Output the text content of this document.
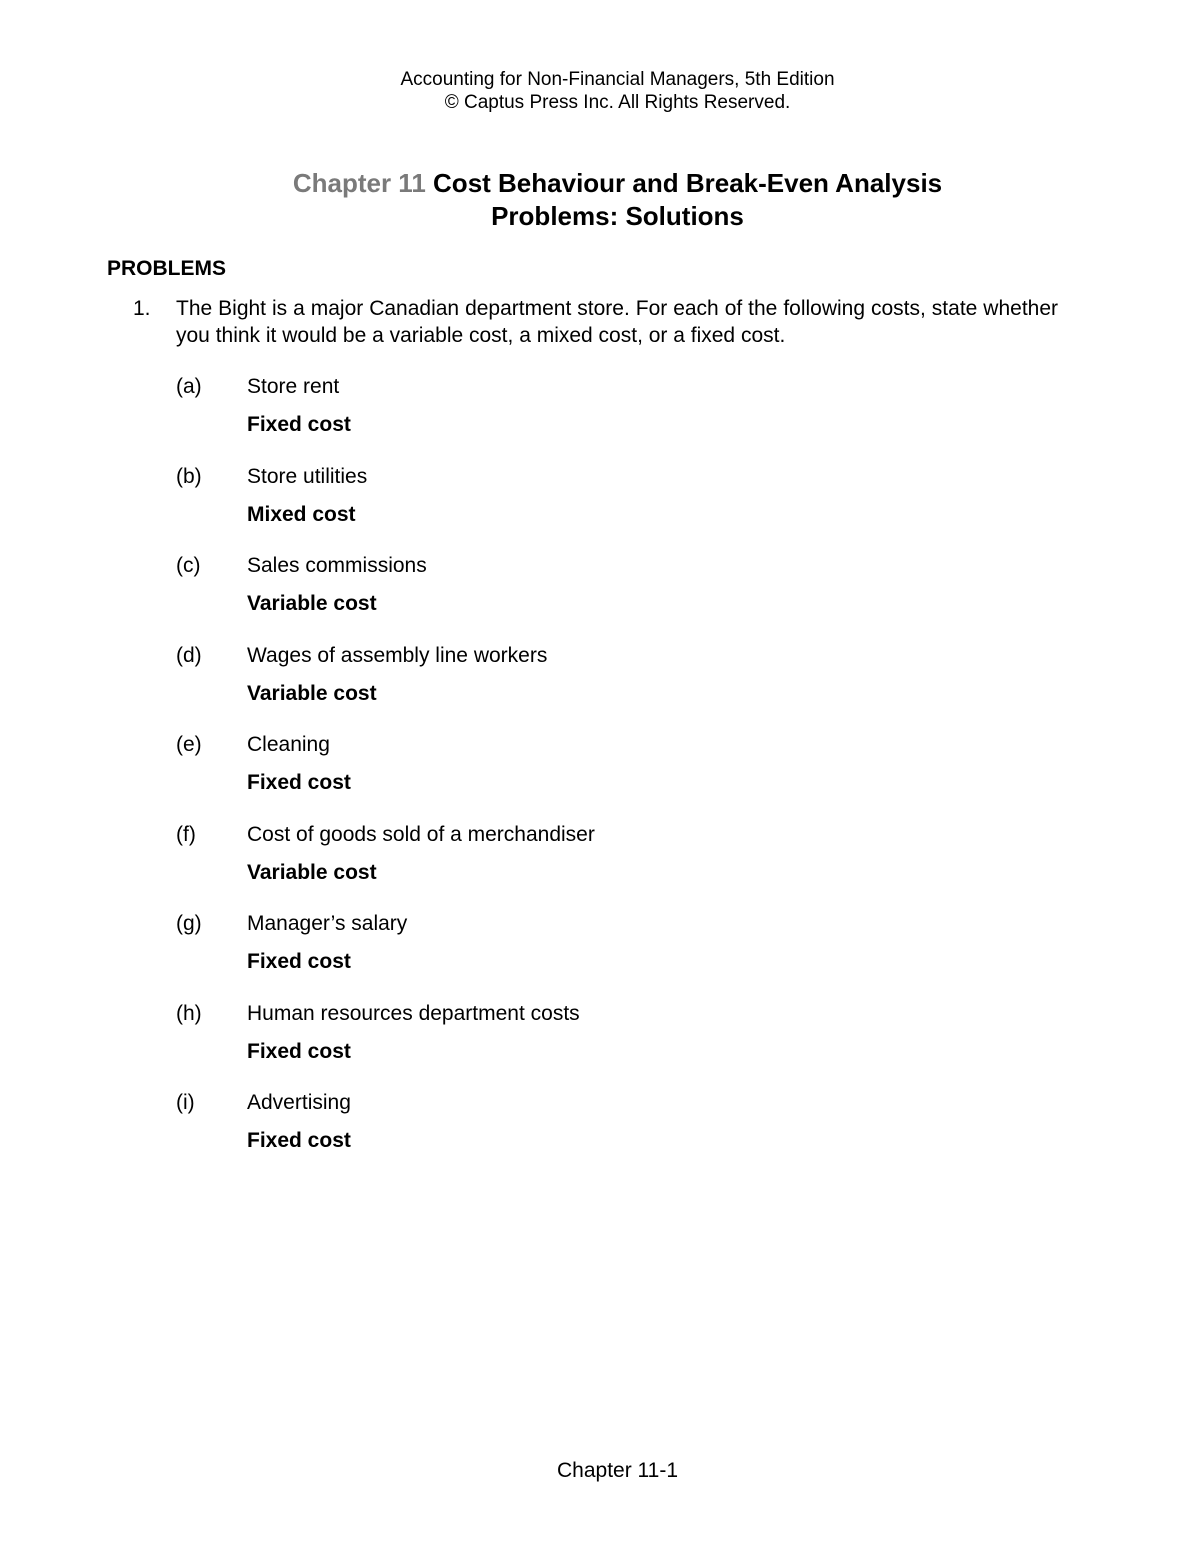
Accounting for Non-Financial Managers, 5th Edition
© Captus Press Inc. All Rights Reserved.
Chapter 11 Cost Behaviour and Break-Even Analysis
Problems: Solutions
PROBLEMS
1. The Bight is a major Canadian department store. For each of the following costs, state whether you think it would be a variable cost, a mixed cost, or a fixed cost.
(a) Store rent
Fixed cost
(b) Store utilities
Mixed cost
(c) Sales commissions
Variable cost
(d) Wages of assembly line workers
Variable cost
(e) Cleaning
Fixed cost
(f) Cost of goods sold of a merchandiser
Variable cost
(g) Manager’s salary
Fixed cost
(h) Human resources department costs
Fixed cost
(i) Advertising
Fixed cost
Chapter 11-1
